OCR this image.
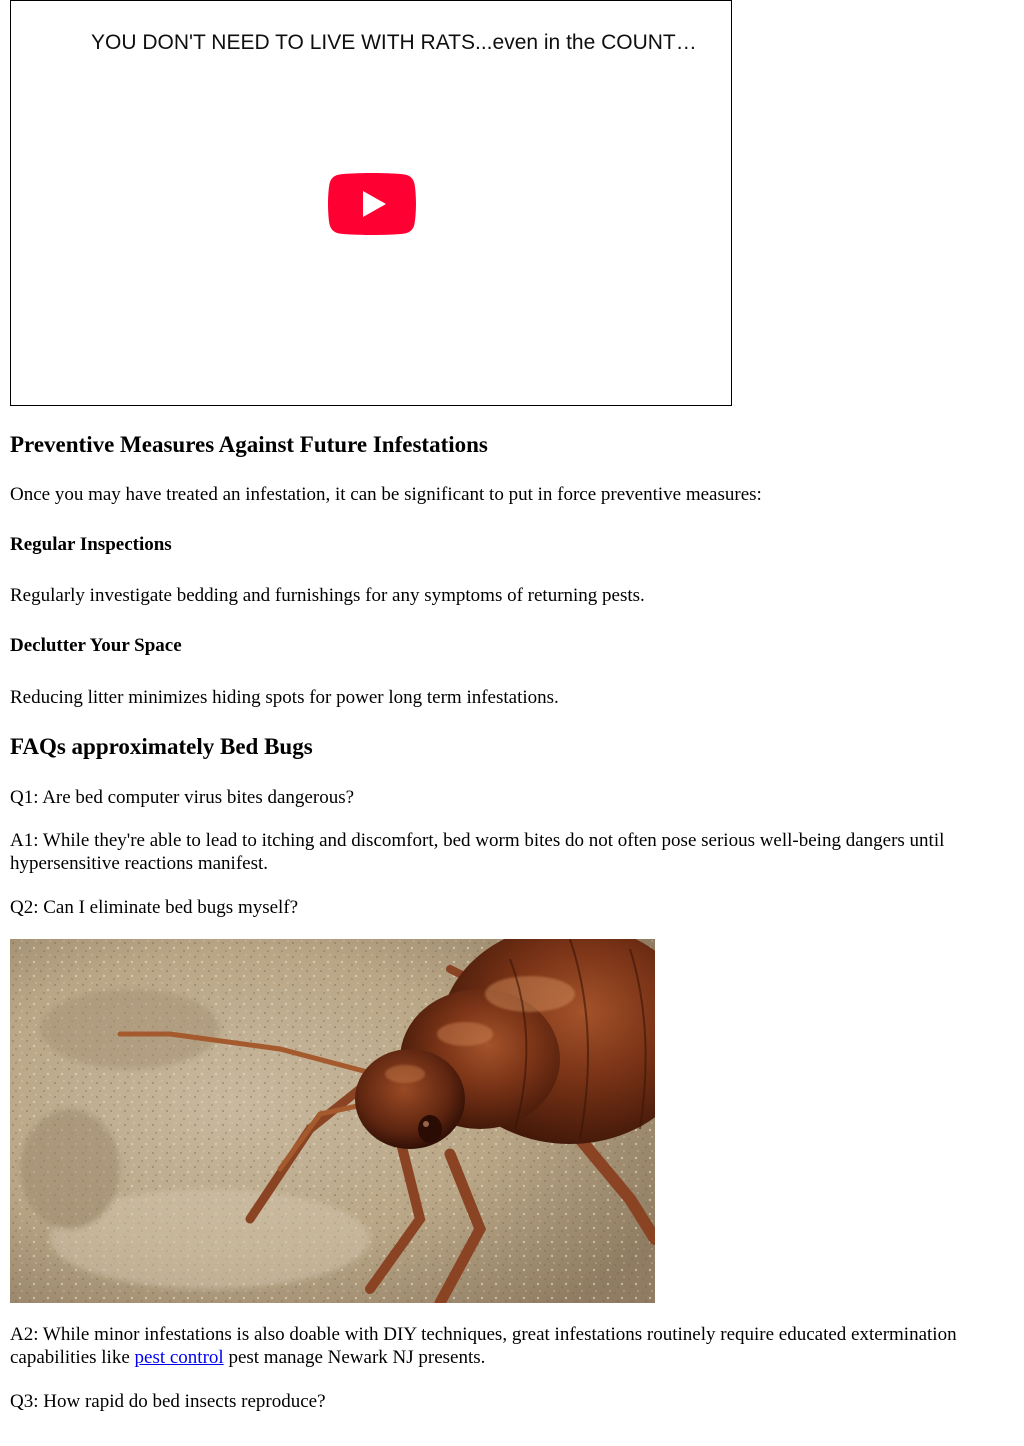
YOU DON'T NEED TO LIVE WITH RATS...even in the COUNT…
Preventive Measures Against Future Infestations

Once you may have treated an infestation, it can be significant to put in force preventive measures:

Regular Inspections

Regularly investigate bedding and furnishings for any symptoms of returning pests.

Declutter Your Space

Reducing litter minimizes hiding spots for power long term infestations.

FAQs approximately Bed Bugs

Q1: Are bed computer virus bites dangerous?

A1: While they're able to lead to itching and discomfort, bed worm bites do not often pose serious well-being dangers until hypersensitive reactions manifest.

Q2: Can I eliminate bed bugs myself?

A2: While minor infestations is also doable with DIY techniques, great infestations routinely require educated extermination capabilities like pest control pest manage Newark NJ presents.

Q3: How rapid do bed insects reproduce?
